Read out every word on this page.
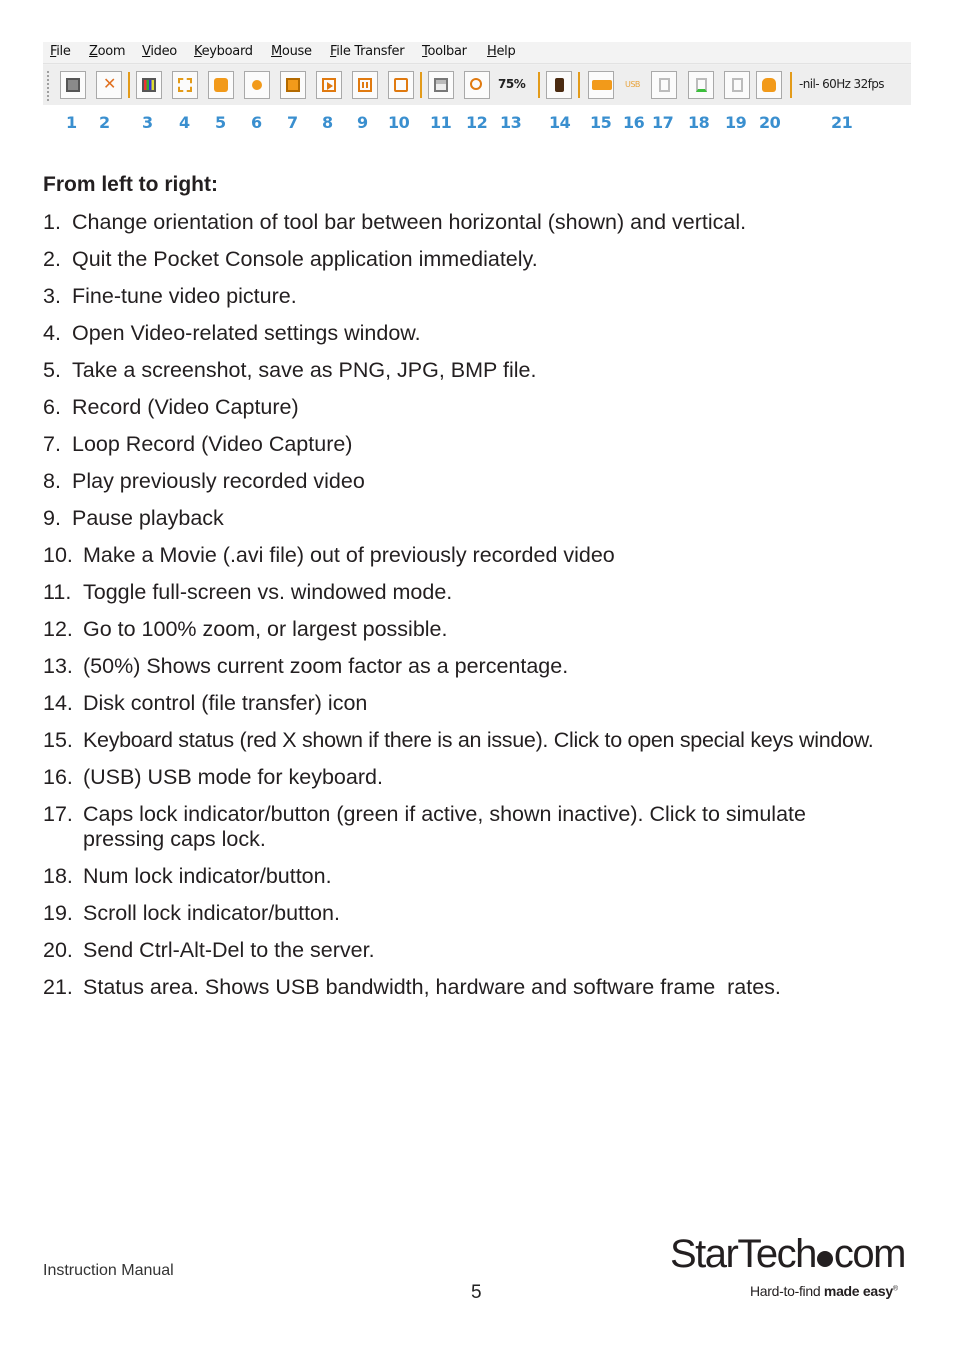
File Zoom Video Keyboard Mouse File Transfer Toolbar Help
✕	75%	USB	-nil- 60Hz 32fps
1 2 3 4 5 6 7 8 9 10 11 12 13 14 15 16 17 18 19 20	21
From left to right:
1. Change orientation of tool bar between horizontal (shown) and vertical.
2. Quit the Pocket Console application immediately.
3. Fine-tune video picture.
4. Open Video-related settings window.
5. Take a screenshot, save as PNG, JPG, BMP file.
6. Record (Video Capture)
7. Loop Record (Video Capture)
8. Play previously recorded video
9. Pause playback
10. Make a Movie (.avi file) out of previously recorded video
11. Toggle full-screen vs. windowed mode.
12. Go to 100% zoom, or largest possible.
13. (50%) Shows current zoom factor as a percentage.
14. Disk control (file transfer) icon
15. Keyboard status (red X shown if there is an issue). Click to open special keys window.
16. (USB) USB mode for keyboard.
17. Caps lock indicator/button (green if active, shown inactive). Click to simulate pressing caps lock.
18. Num lock indicator/button.
19. Scroll lock indicator/button.
20. Send Ctrl-Alt-Del to the server.
21. Status area. Shows USB bandwidth, hardware and software frame  rates.
Instruction Manual
5
StarTech com
Hard-to-find made easy®
